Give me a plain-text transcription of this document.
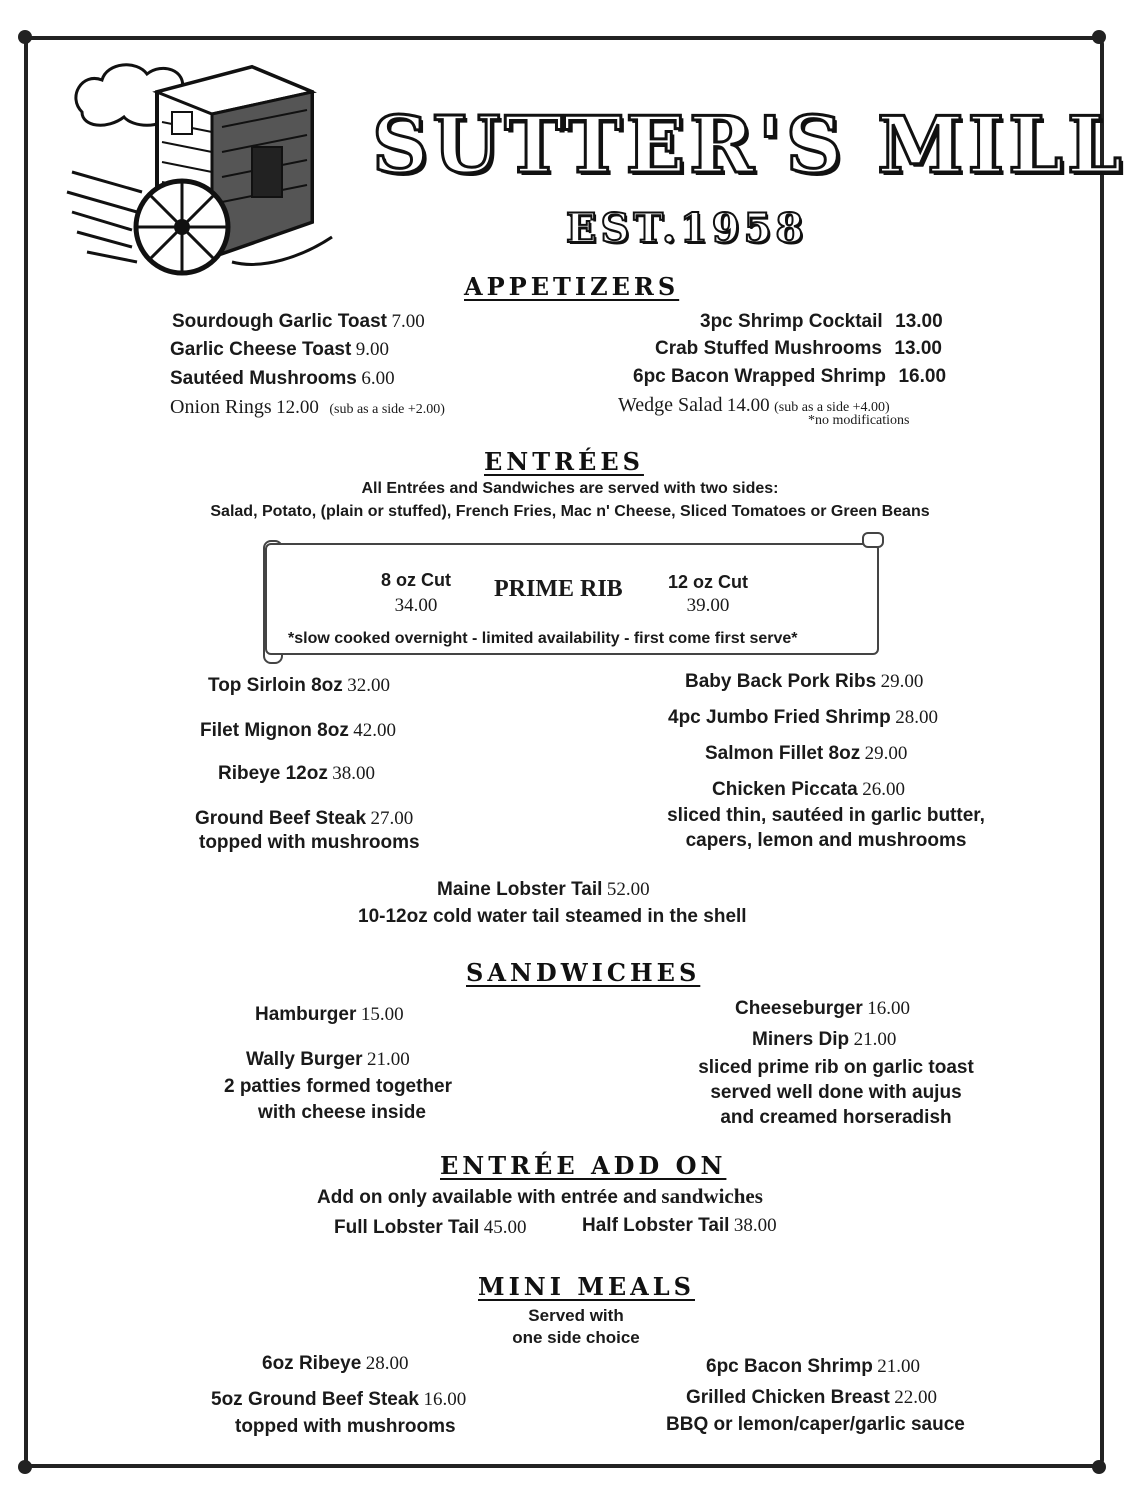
SUTTER'S MILL
EST.1958
APPETIZERS
Sourdough Garlic Toast 7.00
Garlic Cheese Toast 9.00
Sautéed Mushrooms 6.00
Onion Rings 12.00 (sub as a side +2.00)
3pc Shrimp Cocktail 13.00
Crab Stuffed Mushrooms 13.00
6pc Bacon Wrapped Shrimp 16.00
Wedge Salad 14.00 (sub as a side +4.00)
*no modifications
ENTRÉES
All Entrées and Sandwiches are served with two sides:
Salad, Potato, (plain or stuffed), French Fries, Mac n' Cheese, Sliced Tomatoes or Green Beans
8 oz Cut
34.00
PRIME RIB	12 oz Cut
39.00
*slow cooked overnight - limited availability - first come first serve*
Top Sirloin 8oz 32.00
Filet Mignon 8oz 42.00
Ribeye 12oz 38.00
Ground Beef Steak 27.00
topped with mushrooms
Baby Back Pork Ribs 29.00
4pc Jumbo Fried Shrimp 28.00
Salmon Fillet 8oz 29.00
Chicken Piccata 26.00
sliced thin, sautéed in garlic butter,
capers, lemon and mushrooms
Maine Lobster Tail 52.00
10-12oz cold water tail steamed in the shell
SANDWICHES
Hamburger 15.00
Wally Burger 21.00
2 patties formed together
with cheese inside
Cheeseburger 16.00
Miners Dip 21.00
sliced prime rib on garlic toast
served well done with aujus
and creamed horseradish
ENTRÉE ADD ON
Add on only available with entrée and sandwiches
Full Lobster Tail 45.00	Half Lobster Tail 38.00
MINI MEALS
Served with
one side choice
6oz Ribeye 28.00
5oz Ground Beef Steak 16.00
topped with mushrooms
6pc Bacon Shrimp 21.00
Grilled Chicken Breast 22.00
BBQ or lemon/caper/garlic sauce
